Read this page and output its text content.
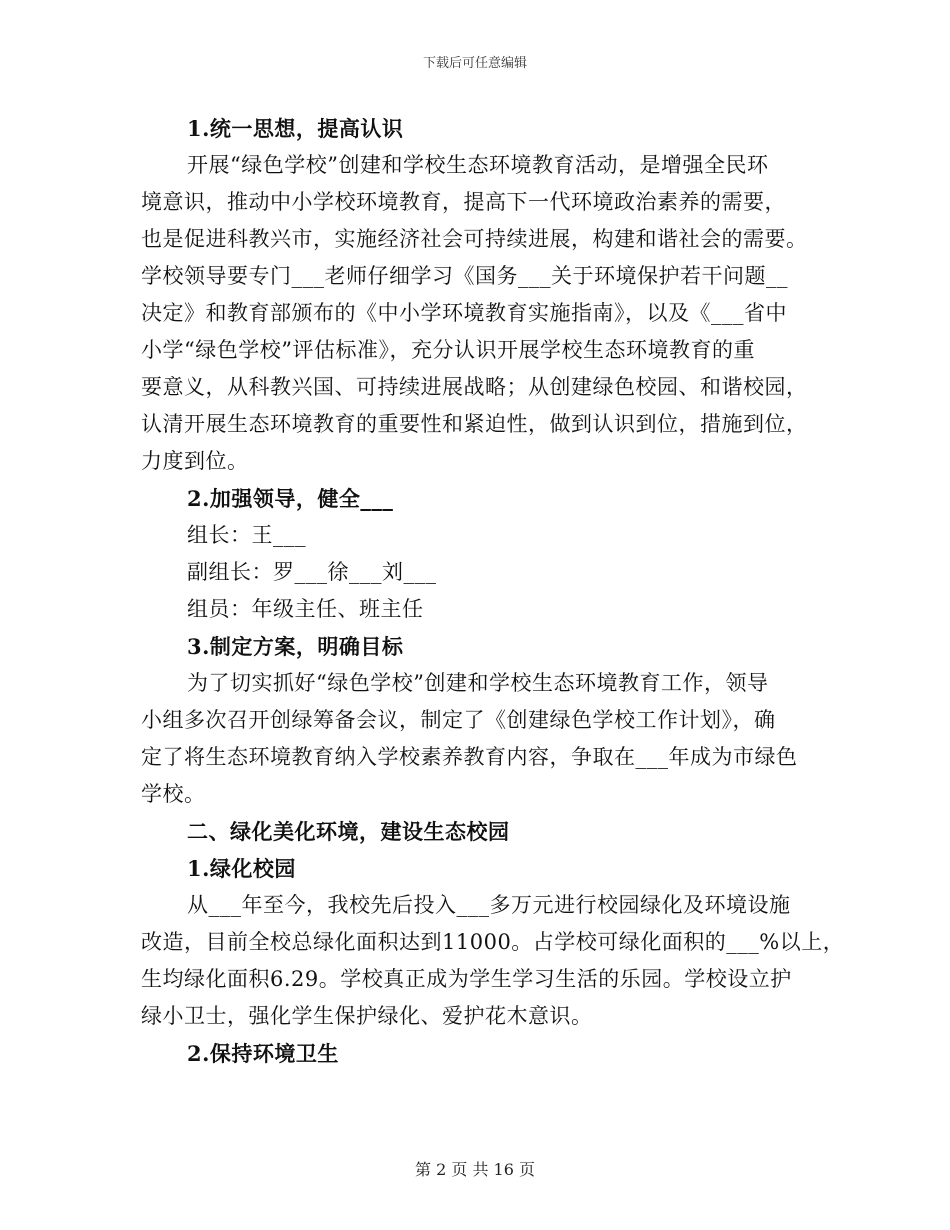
下载后可任意编辑
1.统一思想，提高认识
开展“绿色学校”创建和学校生态环境教育活动，是增强全民环
境意识，推动中小学校环境教育，提高下一代环境政治素养的需要，
也是促进科教兴市，实施经济社会可持续进展，构建和谐社会的需要。
学校领导要专门___老师仔细学习《国务___关于环境保护若干问题__
决定》和教育部颁布的《中小学环境教育实施指南》，以及《___省中
小学“绿色学校”评估标准》，充分认识开展学校生态环境教育的重
要意义，从科教兴国、可持续进展战略；从创建绿色校园、和谐校园，
认清开展生态环境教育的重要性和紧迫性，做到认识到位，措施到位，
力度到位。
2.加强领导，健全___
组长：王___
副组长：罗___徐___刘___
组员：年级主任、班主任
3.制定方案，明确目标
为了切实抓好“绿色学校”创建和学校生态环境教育工作，领导
小组多次召开创绿筹备会议，制定了《创建绿色学校工作计划》，确
定了将生态环境教育纳入学校素养教育内容，争取在___年成为市绿色
学校。
二、绿化美化环境，建设生态校园
1.绿化校园
从___年至今，我校先后投入___多万元进行校园绿化及环境设施
改造，目前全校总绿化面积达到11000。占学校可绿化面积的___%以上，
生均绿化面积6.29。学校真正成为学生学习生活的乐园。学校设立护
绿小卫士，强化学生保护绿化、爱护花木意识。
2.保持环境卫生
第 2 页 共 16 页
